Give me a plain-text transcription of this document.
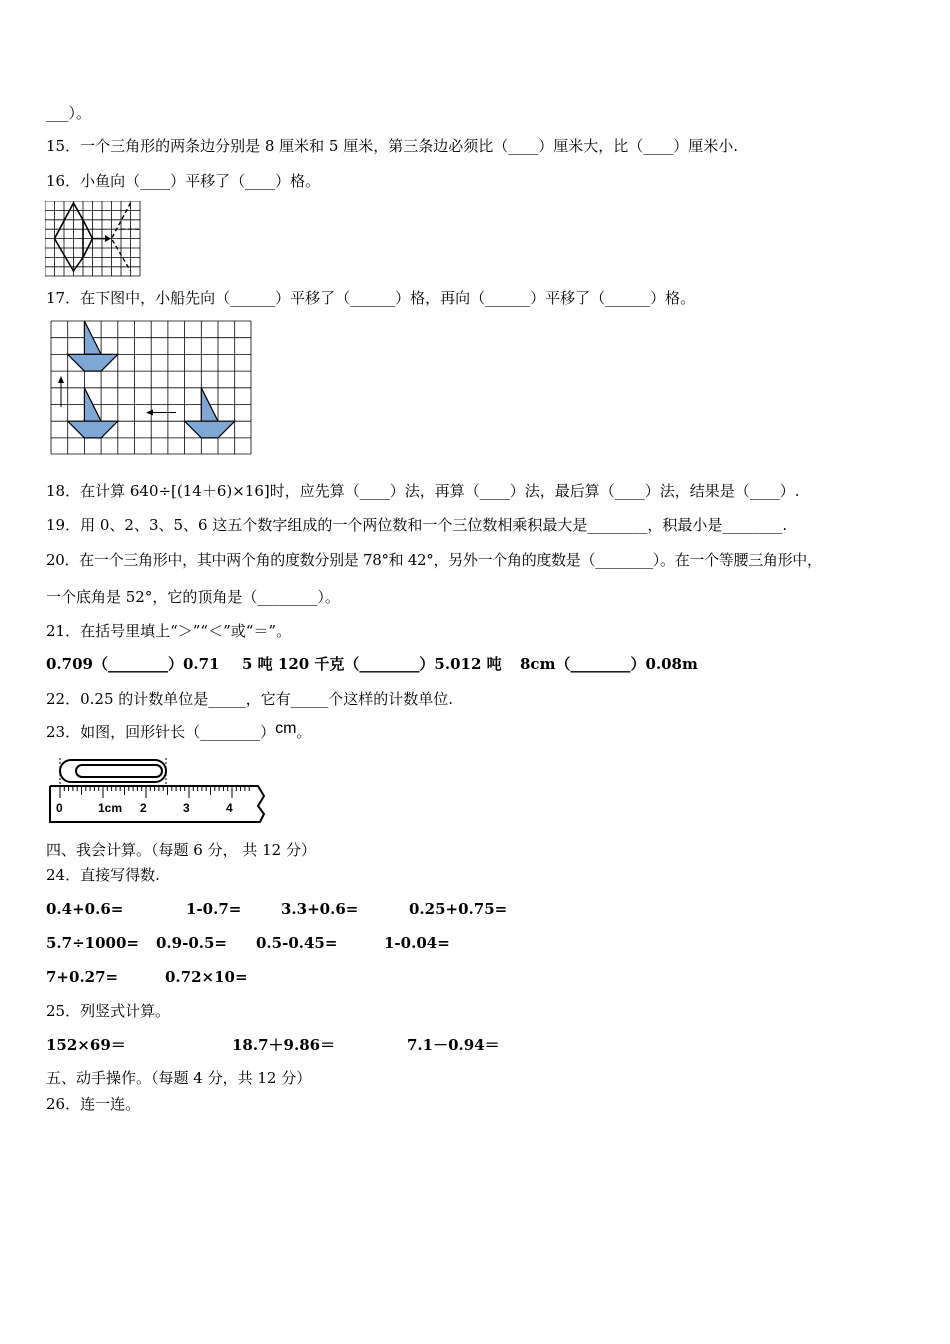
___）。
15．一个三角形的两条边分别是 8 厘米和 5 厘米，第三条边必须比（____）厘米大，比（____）厘米小.
16．小鱼向（____）平移了（____）格。
17．在下图中，小船先向（______）平移了（______）格，再向（______）平移了（______）格。
18．在计算 640÷[(14＋6)×16]时，应先算（____）法，再算（____）法，最后算（____）法，结果是（____）.
19．用 0、2、3、5、6 这五个数字组成的一个两位数和一个三位数相乘积最大是________，积最小是________.
20．在一个三角形中，其中两个角的度数分别是 78°和 42°，另外一个角的度数是（________）。在一个等腰三角形中，
一个底角是 52°，它的顶角是（________）。
21．在括号里填上“＞”“＜”或“＝”。
0.709（________）0.71 5 吨 120 千克（________）5.012 吨 8cm（________）0.08m
22．0.25 的计数单位是_____，它有_____个这样的计数单位.
23．如图，回形针长（________）cm。
0	1cm 2	3	4
四、我会计算。（每题 6 分， 共 12 分）
24．直接写得数.
0.4+0.6=	1-0.7=	3.3+0.6=	0.25+0.75=
5.7÷1000= 0.9-0.5= 0.5-0.45=	1-0.04=
7+0.27=	0.72×10=
25．列竖式计算。
152×69＝	18.7＋9.86＝	7.1－0.94＝
五、动手操作。（每题 4 分，共 12 分）
26．连一连。
